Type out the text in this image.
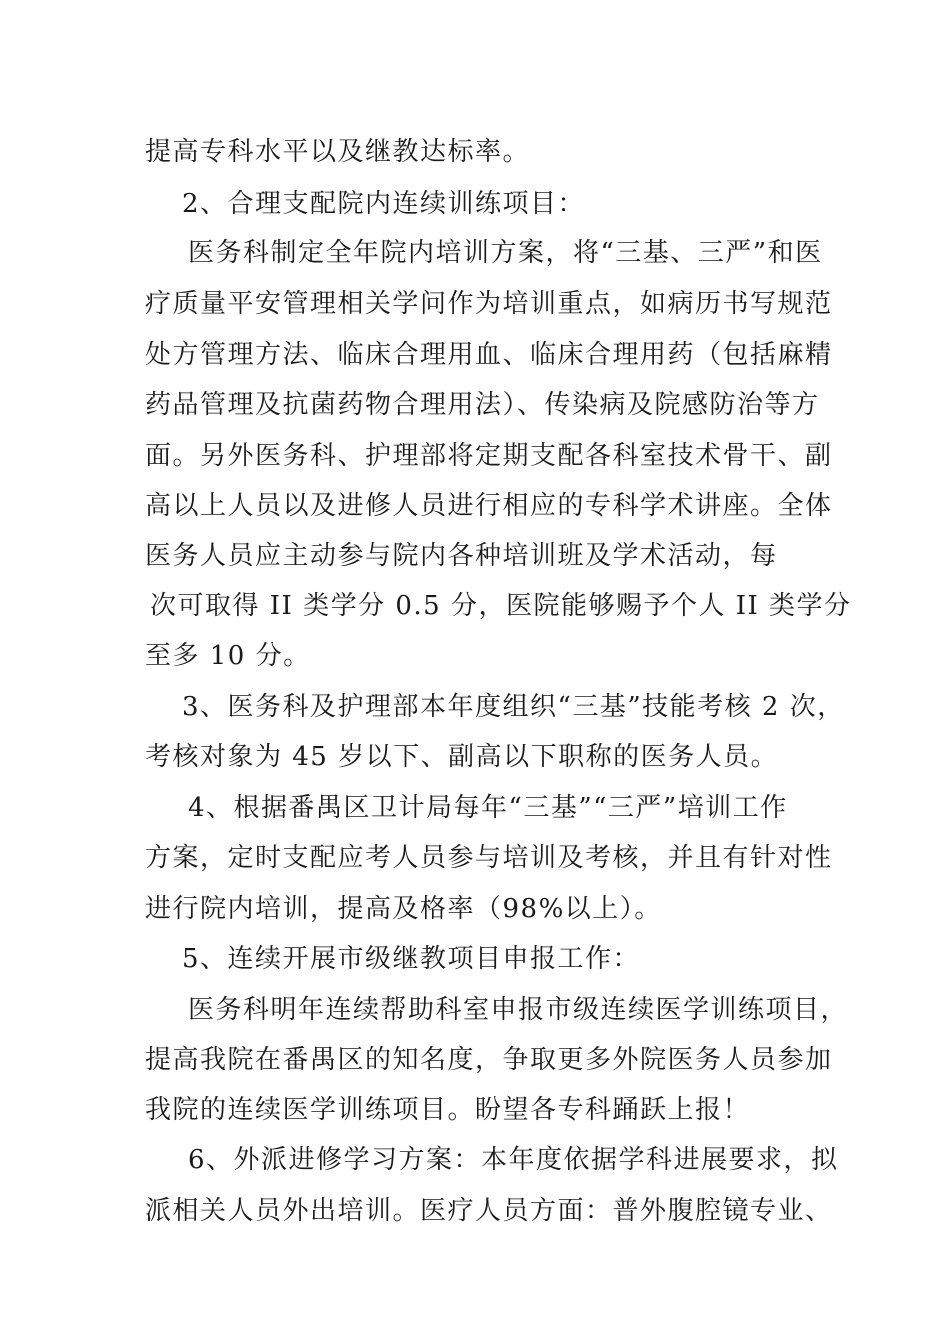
提高专科水平以及继教达标率。
2、合理支配院内连续训练项目：
医务科制定全年院内培训方案，将“三基、三严”和医
疗质量平安管理相关学问作为培训重点，如病历书写规范
处方管理方法、临床合理用血、临床合理用药（包括麻精
药品管理及抗菌药物合理用法）、传染病及院感防治等方
面。另外医务科、护理部将定期支配各科室技术骨干、副
高以上人员以及进修人员进行相应的专科学术讲座。全体
医务人员应主动参与院内各种培训班及学术活动，每
次可取得 II 类学分 0.5 分，医院能够赐予个人 II 类学分
至多 10 分。
3、医务科及护理部本年度组织“三基”技能考核 2 次，
考核对象为 45 岁以下、副高以下职称的医务人员。
4、根据番禺区卫计局每年“三基”“三严”培训工作
方案，定时支配应考人员参与培训及考核，并且有针对性
进行院内培训，提高及格率（98%以上）。
5、连续开展市级继教项目申报工作：
医务科明年连续帮助科室申报市级连续医学训练项目，
提高我院在番禺区的知名度，争取更多外院医务人员参加
我院的连续医学训练项目。盼望各专科踊跃上报！
6、外派进修学习方案：本年度依据学科进展要求，拟
派相关人员外出培训。医疗人员方面：普外腹腔镜专业、
